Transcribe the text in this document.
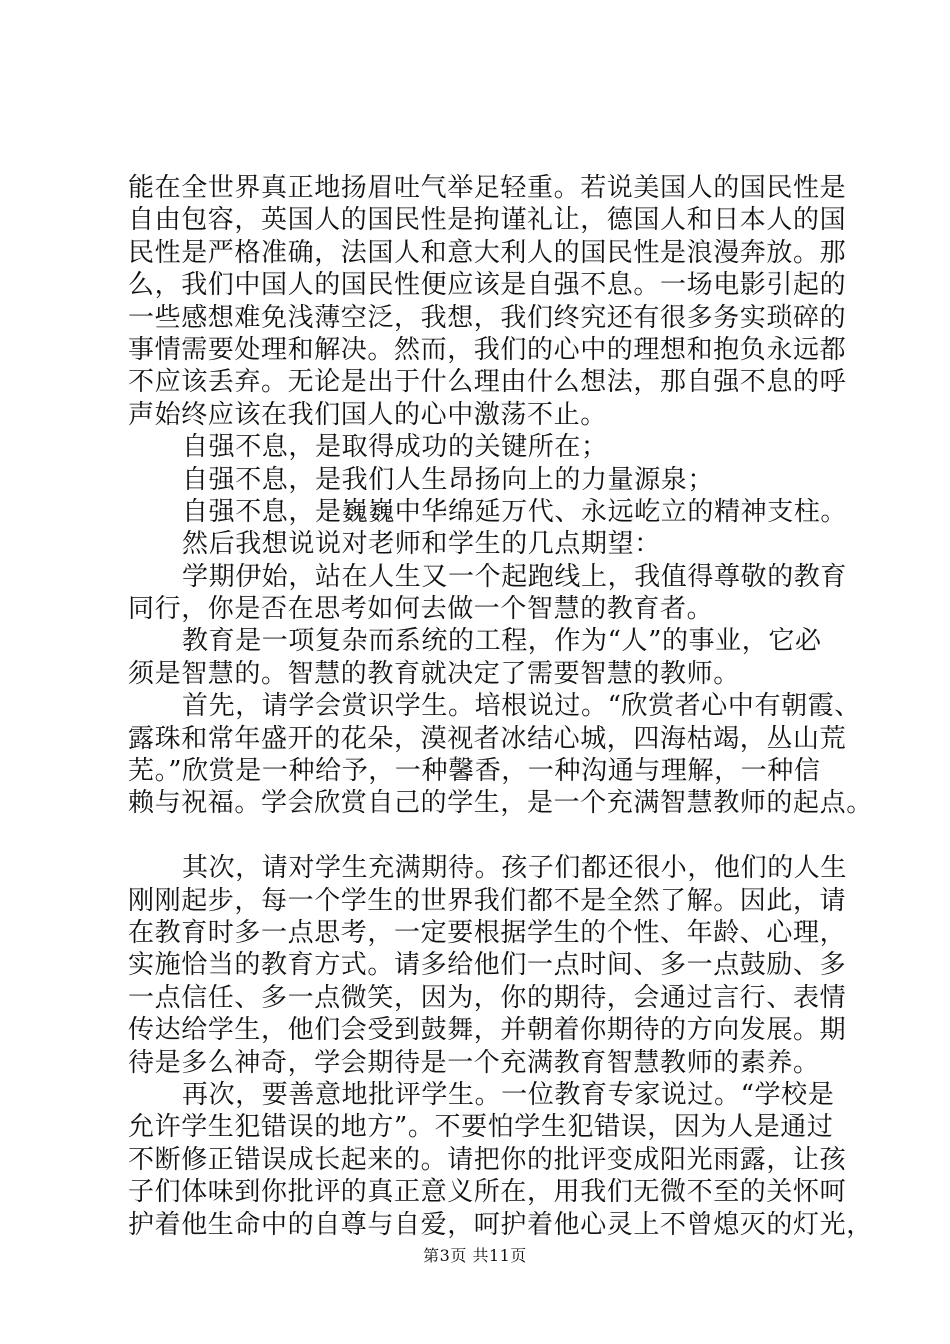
能在全世界真正地扬眉吐气举足轻重。若说美国人的国民性是
自由包容，英国人的国民性是拘谨礼让，德国人和日本人的国
民性是严格准确，法国人和意大利人的国民性是浪漫奔放。那
么，我们中国人的国民性便应该是自强不息。一场电影引起的
一些感想难免浅薄空泛，我想，我们终究还有很多务实琐碎的
事情需要处理和解决。然而，我们的心中的理想和抱负永远都
不应该丢弃。无论是出于什么理由什么想法，那自强不息的呼
声始终应该在我们国人的心中激荡不止。

自强不息，是取得成功的关键所在；

自强不息，是我们人生昂扬向上的力量源泉；

自强不息，是巍巍中华绵延万代、永远屹立的精神支柱。

然后我想说说对老师和学生的几点期望：

学期伊始，站在人生又一个起跑线上，我值得尊敬的教育
同行，你是否在思考如何去做一个智慧的教育者。

教育是一项复杂而系统的工程，作为“人”的事业，它必
须是智慧的。智慧的教育就决定了需要智慧的教师。

首先，请学会赏识学生。培根说过。“欣赏者心中有朝霞、
露珠和常年盛开的花朵，漠视者冰结心城，四海枯竭，丛山荒
芜。”欣赏是一种给予，一种馨香，一种沟通与理解，一种信
赖与祝福。学会欣赏自己的学生，是一个充满智慧教师的起点。

其次，请对学生充满期待。孩子们都还很小，他们的人生
刚刚起步，每一个学生的世界我们都不是全然了解。因此，请
在教育时多一点思考，一定要根据学生的个性、年龄、心理，
实施恰当的教育方式。请多给他们一点时间、多一点鼓励、多
一点信任、多一点微笑，因为，你的期待，会通过言行、表情
传达给学生，他们会受到鼓舞，并朝着你期待的方向发展。期
待是多么神奇，学会期待是一个充满教育智慧教师的素养。

再次，要善意地批评学生。一位教育专家说过。“学校是
允许学生犯错误的地方”。不要怕学生犯错误，因为人是通过
不断修正错误成长起来的。请把你的批评变成阳光雨露，让孩
子们体味到你批评的真正意义所在，用我们无微不至的关怀呵
护着他生命中的自尊与自爱，呵护着他心灵上不曾熄灭的灯光，

第3页 共11页
